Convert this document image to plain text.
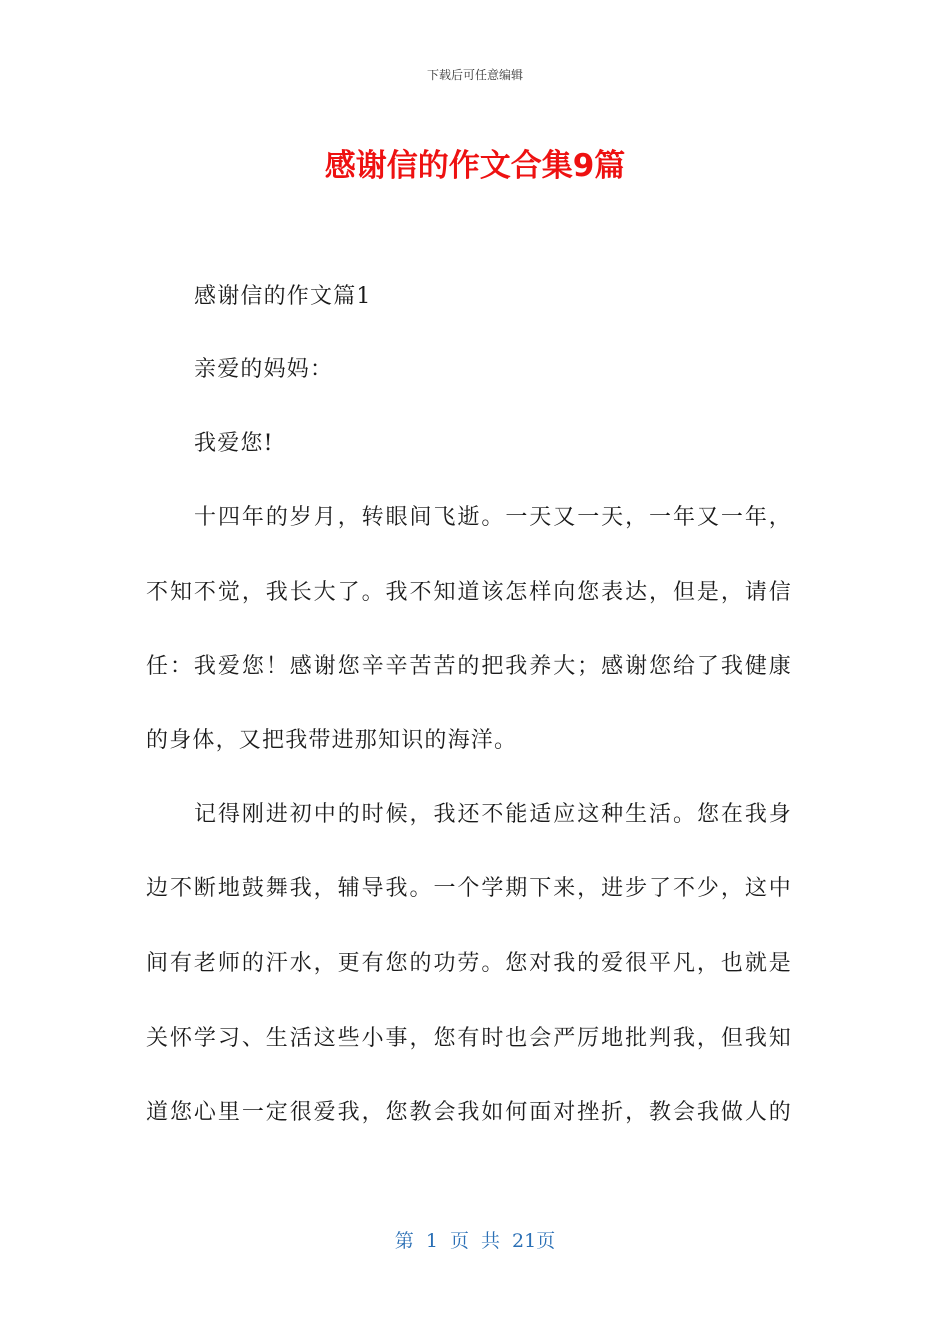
下载后可任意编辑
感谢信的作文合集9篇
感谢信的作文篇1
亲爱的妈妈：
我爱您!
十四年的岁月，转眼间飞逝。一天又一天，一年又一年，
不知不觉，我长大了。我不知道该怎样向您表达，但是，请信
任：我爱您！感谢您辛辛苦苦的把我养大；感谢您给了我健康
的身体，又把我带进那知识的海洋。
记得刚进初中的时候，我还不能适应这种生活。您在我身
边不断地鼓舞我，辅导我。一个学期下来，进步了不少，这中
间有老师的汗水，更有您的功劳。您对我的爱很平凡，也就是
关怀学习、生活这些小事，您有时也会严厉地批判我，但我知
道您心里一定很爱我，您教会我如何面对挫折，教会我做人的
第 1 页 共 21页
